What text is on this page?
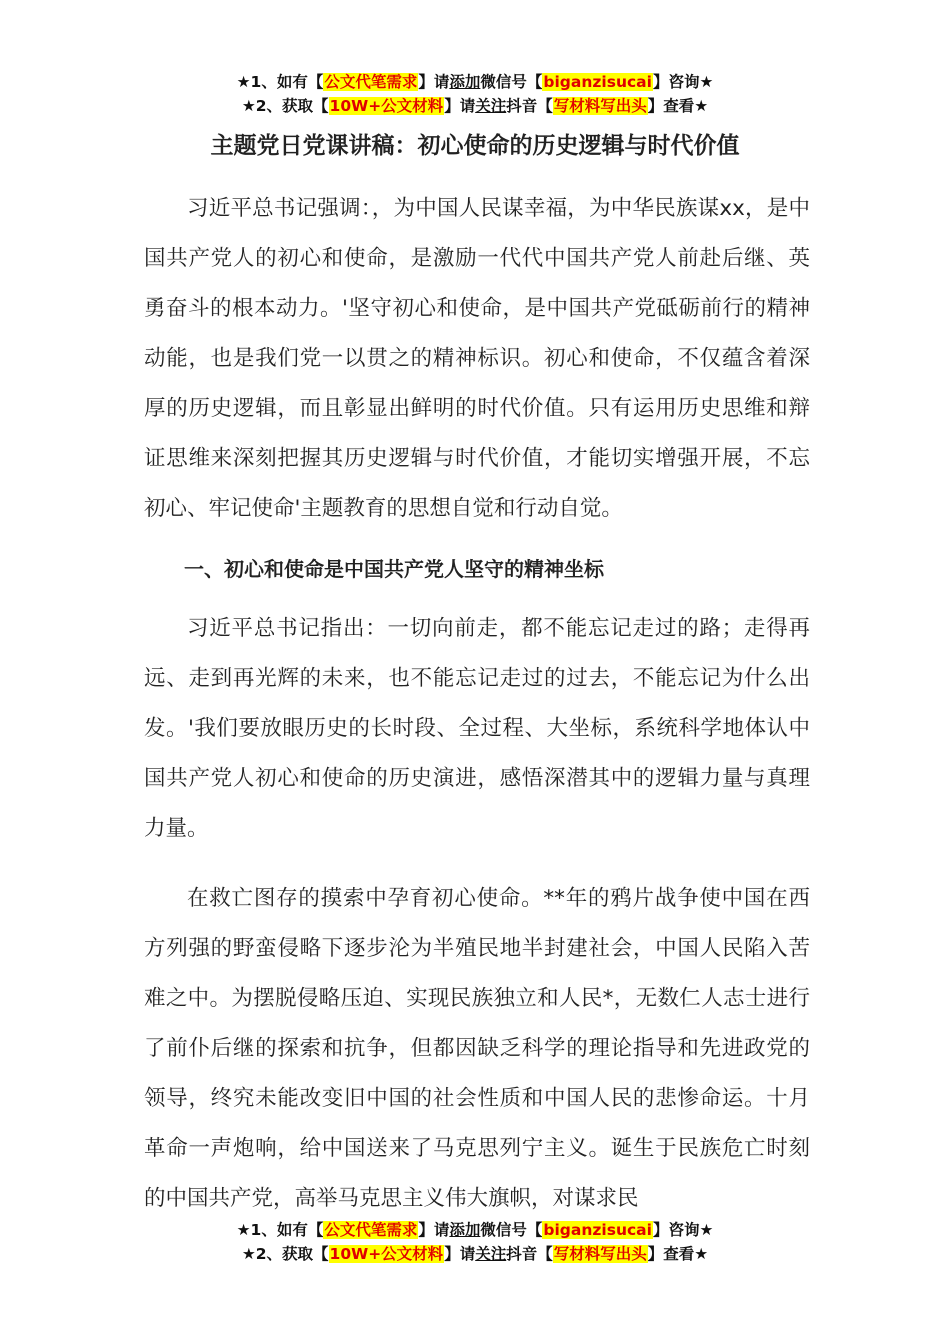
★1、如有【公文代笔需求】请添加微信号【biganzisucai】咨询★
★2、获取【10W+公文材料】请关注抖音【写材料写出头】查看★
主题党日党课讲稿：初心使命的历史逻辑与时代价值

习近平总书记强调：，为中国人民谋幸福，为中华民族谋xx，是中国共产党人的初心和使命，是激励一代代中国共产党人前赴后继、英勇奋斗的根本动力。'坚守初心和使命，是中国共产党砥砺前行的精神动能，也是我们党一以贯之的精神标识。初心和使命，不仅蕴含着深厚的历史逻辑，而且彰显出鲜明的时代价值。只有运用历史思维和辩证思维来深刻把握其历史逻辑与时代价值，才能切实增强开展，不忘初心、牢记使命'主题教育的思想自觉和行动自觉。

一、初心和使命是中国共产党人坚守的精神坐标

习近平总书记指出：一切向前走，都不能忘记走过的路；走得再远、走到再光辉的未来，也不能忘记走过的过去，不能忘记为什么出发。'我们要放眼历史的长时段、全过程、大坐标，系统科学地体认中国共产党人初心和使命的历史演进，感悟深潜其中的逻辑力量与真理力量。

在救亡图存的摸索中孕育初心使命。**年的鸦片战争使中国在西方列强的野蛮侵略下逐步沦为半殖民地半封建社会，中国人民陷入苦难之中。为摆脱侵略压迫、实现民族独立和人民*，无数仁人志士进行了前仆后继的探索和抗争，但都因缺乏科学的理论指导和先进政党的领导，终究未能改变旧中国的社会性质和中国人民的悲惨命运。十月革命一声炮响，给中国送来了马克思列宁主义。诞生于民族危亡时刻的中国共产党，高举马克思主义伟大旗帜，对谋求民

★1、如有【公文代笔需求】请添加微信号【biganzisucai】咨询★
★2、获取【10W+公文材料】请关注抖音【写材料写出头】查看★
